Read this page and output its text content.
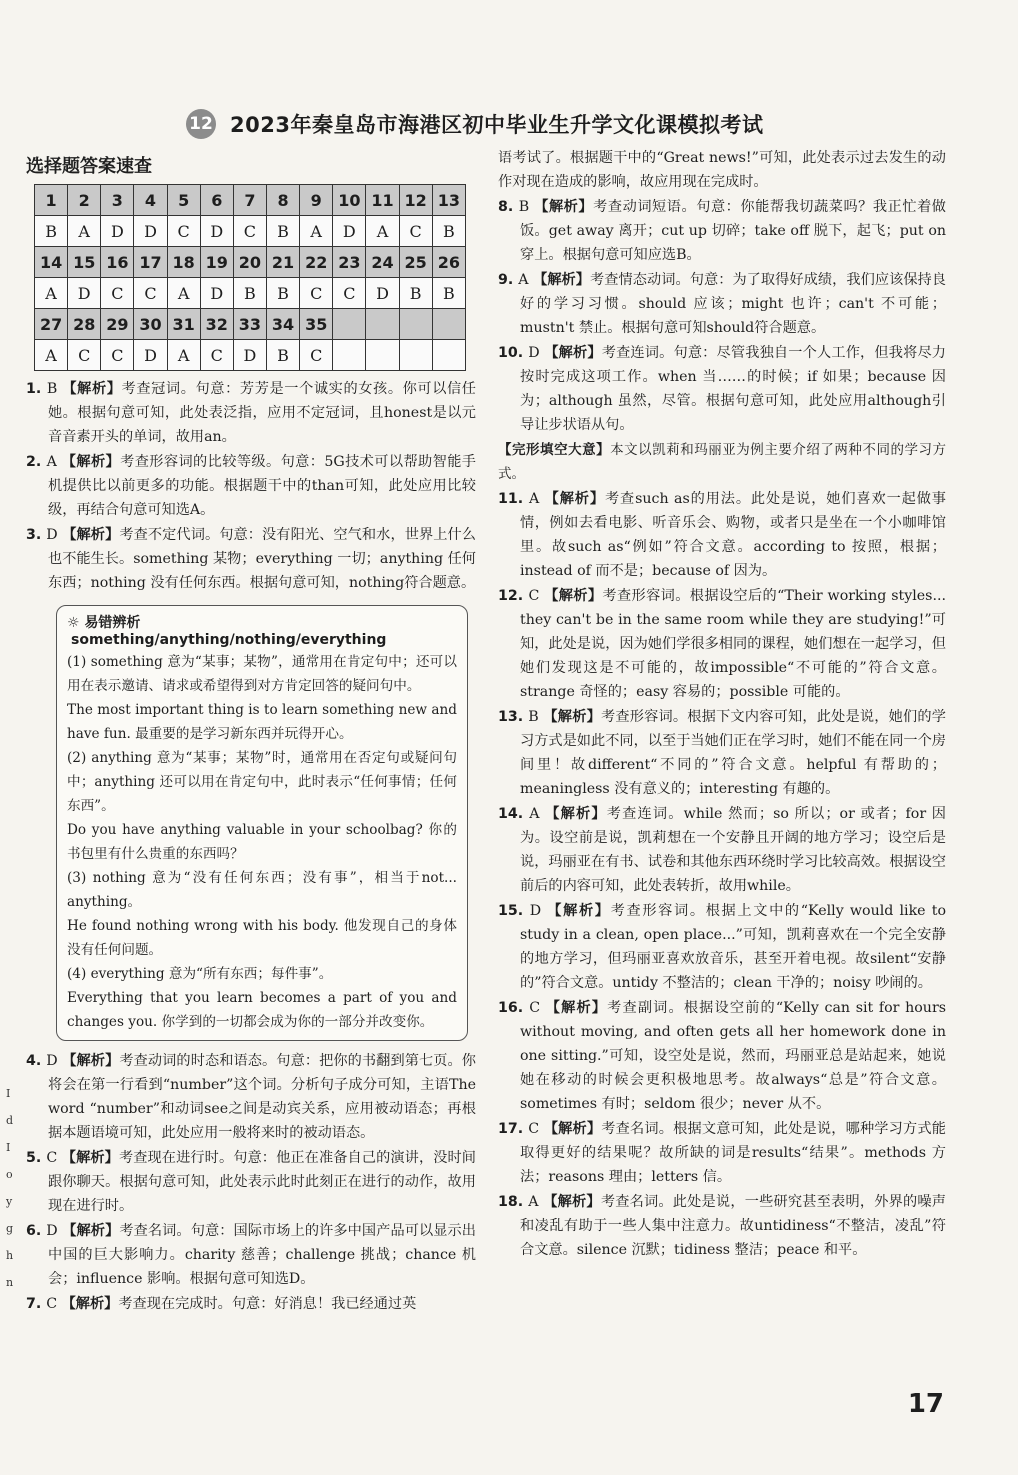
12 2023年秦皇岛市海港区初中毕业生升学文化课模拟考试
I
d
I
o
y
g
h
n
选择题答案速查
1	2	3	4	5	6	7	8	9	10	11	12	13
B	A	D	D	C	D	C	B	A	D	A	C	B
14	15	16	17	18	19	20	21	22	23	24	25	26
A	D	C	C	A	D	B	B	C	C	D	B	B
27	28	29	30	31	32	33	34	35				
A	C	C	D	A	C	D	B	C				
1. B 【解析】考查冠词。句意：芳芳是一个诚实的女孩。你可以信任她。根据句意可知，此处表泛指，应用不定冠词，且honest是以元音音素开头的单词，故用an。
2. A 【解析】考查形容词的比较等级。句意：5G技术可以帮助智能手机提供比以前更多的功能。根据题干中的than可知，此处应用比较级，再结合句意可知选A。
3. D 【解析】考查不定代词。句意：没有阳光、空气和水，世界上什么也不能生长。something 某物；everything 一切；anything 任何东西；nothing 没有任何东西。根据句意可知，nothing符合题意。
☼ 易错辨析 something/anything/nothing/everything
(1) something 意为“某事；某物”，通常用在肯定句中；还可以用在表示邀请、请求或希望得到对方肯定回答的疑问句中。
The most important thing is to learn something new and have fun. 最重要的是学习新东西并玩得开心。
(2) anything 意为“某事；某物”时，通常用在否定句或疑问句中；anything 还可以用在肯定句中，此时表示“任何事情；任何东西”。
Do you have anything valuable in your schoolbag? 你的书包里有什么贵重的东西吗？
(3) nothing 意为“没有任何东西；没有事”，相当于not... anything。
He found nothing wrong with his body. 他发现自己的身体没有任何问题。
(4) everything 意为“所有东西；每件事”。
Everything that you learn becomes a part of you and changes you. 你学到的一切都会成为你的一部分并改变你。
4. D 【解析】考查动词的时态和语态。句意：把你的书翻到第七页。你将会在第一行看到“number”这个词。分析句子成分可知，主语The word “number”和动词see之间是动宾关系，应用被动语态；再根据本题语境可知，此处应用一般将来时的被动语态。
5. C 【解析】考查现在进行时。句意：他正在准备自己的演讲，没时间跟你聊天。根据句意可知，此处表示此时此刻正在进行的动作，故用现在进行时。
6. D 【解析】考查名词。句意：国际市场上的许多中国产品可以显示出中国的巨大影响力。charity 慈善；challenge 挑战；chance 机会；influence 影响。根据句意可知选D。
7. C 【解析】考查现在完成时。句意：好消息！我已经通过英
语考试了。根据题干中的“Great news!”可知，此处表示过去发生的动作对现在造成的影响，故应用现在完成时。
8. B 【解析】考查动词短语。句意：你能帮我切蔬菜吗？我正忙着做饭。get away 离开；cut up 切碎；take off 脱下，起飞；put on 穿上。根据句意可知应选B。
9. A 【解析】考查情态动词。句意：为了取得好成绩，我们应该保持良好的学习习惯。should 应该；might 也许；can't 不可能；mustn't 禁止。根据句意可知should符合题意。
10. D 【解析】考查连词。句意：尽管我独自一个人工作，但我将尽力按时完成这项工作。when 当……的时候；if 如果；because 因为；although 虽然，尽管。根据句意可知，此处应用although引导让步状语从句。
【完形填空大意】本文以凯莉和玛丽亚为例主要介绍了两种不同的学习方式。
11. A 【解析】考查such as的用法。此处是说，她们喜欢一起做事情，例如去看电影、听音乐会、购物，或者只是坐在一个小咖啡馆里。故such as“例如”符合文意。according to 按照，根据；instead of 而不是；because of 因为。
12. C 【解析】考查形容词。根据设空后的“Their working styles... they can't be in the same room while they are studying!”可知，此处是说，因为她们学很多相同的课程，她们想在一起学习，但她们发现这是不可能的，故impossible“不可能的”符合文意。strange 奇怪的；easy 容易的；possible 可能的。
13. B 【解析】考查形容词。根据下文内容可知，此处是说，她们的学习方式是如此不同，以至于当她们正在学习时，她们不能在同一个房间里！故different“不同的”符合文意。helpful 有帮助的；meaningless 没有意义的；interesting 有趣的。
14. A 【解析】考查连词。while 然而；so 所以；or 或者；for 因为。设空前是说，凯莉想在一个安静且开阔的地方学习；设空后是说，玛丽亚在有书、试卷和其他东西环绕时学习比较高效。根据设空前后的内容可知，此处表转折，故用while。
15. D 【解析】考查形容词。根据上文中的“Kelly would like to study in a clean, open place...”可知，凯莉喜欢在一个完全安静的地方学习，但玛丽亚喜欢放音乐，甚至开着电视。故silent“安静的”符合文意。untidy 不整洁的；clean 干净的；noisy 吵闹的。
16. C 【解析】考查副词。根据设空前的“Kelly can sit for hours without moving, and often gets all her homework done in one sitting.”可知，设空处是说，然而，玛丽亚总是站起来，她说她在移动的时候会更积极地思考。故always“总是”符合文意。sometimes 有时；seldom 很少；never 从不。
17. C 【解析】考查名词。根据文意可知，此处是说，哪种学习方式能取得更好的结果呢？故所缺的词是results“结果”。methods 方法；reasons 理由；letters 信。
18. A 【解析】考查名词。此处是说，一些研究甚至表明，外界的噪声和凌乱有助于一些人集中注意力。故untidiness“不整洁，凌乱”符合文意。silence 沉默；tidiness 整洁；peace 和平。
17
